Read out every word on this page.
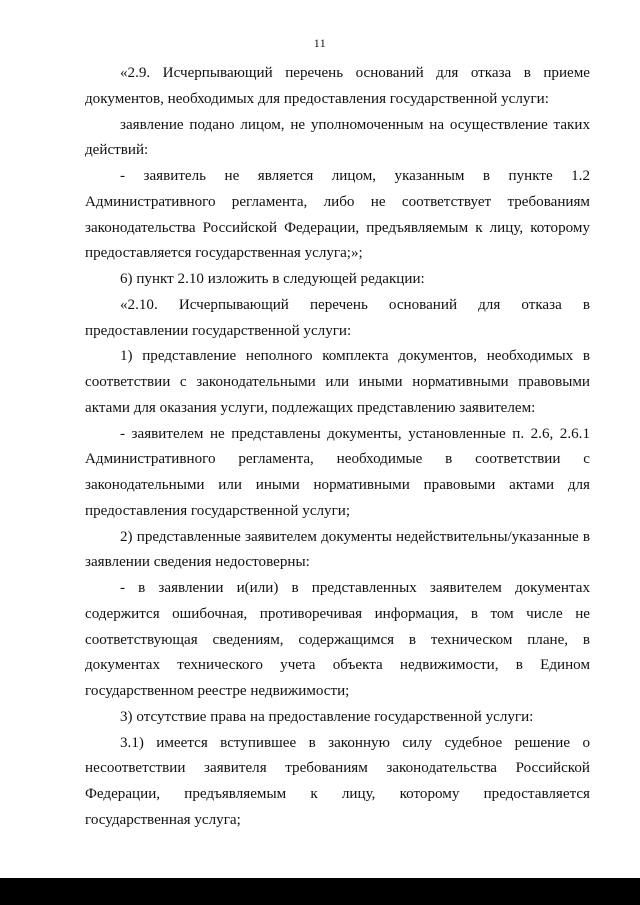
11

«2.9. Исчерпывающий перечень оснований для отказа в приеме документов, необходимых для предоставления государственной услуги:

заявление подано лицом, не уполномоченным на осуществление таких действий:

- заявитель не является лицом, указанным в пункте 1.2 Административного регламента, либо не соответствует требованиям законодательства Российской Федерации, предъявляемым к лицу, которому предоставляется государственная услуга;»;

6) пункт 2.10 изложить в следующей редакции:

«2.10. Исчерпывающий перечень оснований для отказа в предоставлении государственной услуги:

1) представление неполного комплекта документов, необходимых в соответствии с законодательными или иными нормативными правовыми актами для оказания услуги, подлежащих представлению заявителем:

- заявителем не представлены документы, установленные п. 2.6, 2.6.1 Административного регламента, необходимые в соответствии с законодательными или иными нормативными правовыми актами для предоставления государственной услуги;

2) представленные заявителем документы недействительны/указанные в заявлении сведения недостоверны:

- в заявлении и(или) в представленных заявителем документах содержится ошибочная, противоречивая информация, в том числе не соответствующая сведениям, содержащимся в техническом плане, в документах технического учета объекта недвижимости, в Едином государственном реестре недвижимости;

3) отсутствие права на предоставление государственной услуги:

3.1) имеется вступившее в законную силу судебное решение о несоответствии заявителя требованиям законодательства Российской Федерации, предъявляемым к лицу, которому предоставляется государственная услуга;
